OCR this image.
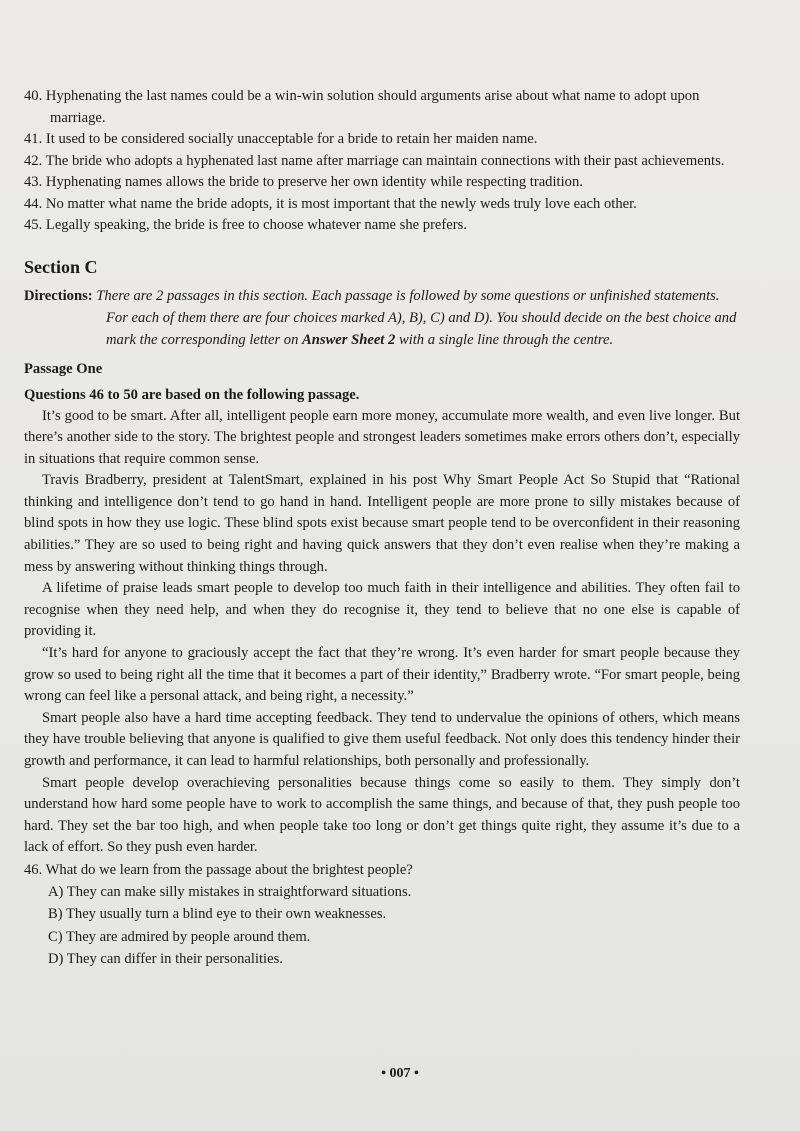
40. Hyphenating the last names could be a win-win solution should arguments arise about what name to adopt upon marriage.
41. It used to be considered socially unacceptable for a bride to retain her maiden name.
42. The bride who adopts a hyphenated last name after marriage can maintain connections with their past achievements.
43. Hyphenating names allows the bride to preserve her own identity while respecting tradition.
44. No matter what name the bride adopts, it is most important that the newly weds truly love each other.
45. Legally speaking, the bride is free to choose whatever name she prefers.
Section C
Directions: There are 2 passages in this section. Each passage is followed by some questions or unfinished statements. For each of them there are four choices marked A), B), C) and D). You should decide on the best choice and mark the corresponding letter on Answer Sheet 2 with a single line through the centre.
Passage One
Questions 46 to 50 are based on the following passage.

It’s good to be smart. After all, intelligent people earn more money, accumulate more wealth, and even live longer. But there’s another side to the story. The brightest people and strongest leaders sometimes make errors others don’t, especially in situations that require common sense.

Travis Bradberry, president at TalentSmart, explained in his post Why Smart People Act So Stupid that “Rational thinking and intelligence don’t tend to go hand in hand. Intelligent people are more prone to silly mistakes because of blind spots in how they use logic. These blind spots exist because smart people tend to be overconfident in their reasoning abilities.” They are so used to being right and having quick answers that they don’t even realise when they’re making a mess by answering without thinking things through.

A lifetime of praise leads smart people to develop too much faith in their intelligence and abilities. They often fail to recognise when they need help, and when they do recognise it, they tend to believe that no one else is capable of providing it.

“It’s hard for anyone to graciously accept the fact that they’re wrong. It’s even harder for smart people because they grow so used to being right all the time that it becomes a part of their identity,” Bradberry wrote. “For smart people, being wrong can feel like a personal attack, and being right, a necessity.”

Smart people also have a hard time accepting feedback. They tend to undervalue the opinions of others, which means they have trouble believing that anyone is qualified to give them useful feedback. Not only does this tendency hinder their growth and performance, it can lead to harmful relationships, both personally and professionally.

Smart people develop overachieving personalities because things come so easily to them. They simply don’t understand how hard some people have to work to accomplish the same things, and because of that, they push people too hard. They set the bar too high, and when people take too long or don’t get things quite right, they assume it’s due to a lack of effort. So they push even harder.

46. What do we learn from the passage about the brightest people?
A) They can make silly mistakes in straightforward situations.
B) They usually turn a blind eye to their own weaknesses.
C) They are admired by people around them.
D) They can differ in their personalities.
• 007 •
